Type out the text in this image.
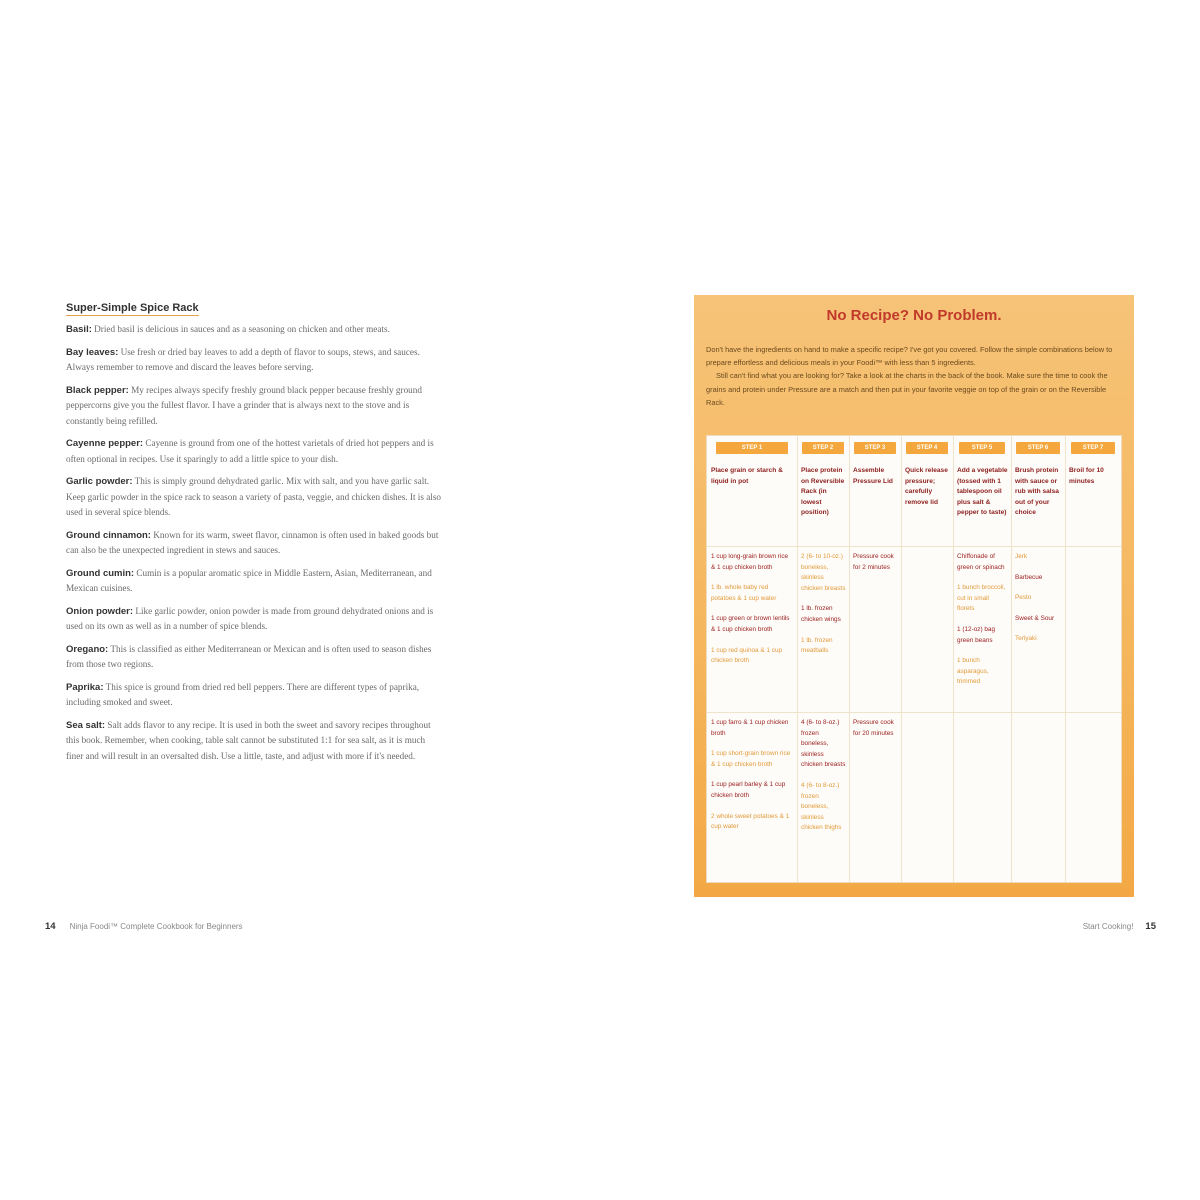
Super-Simple Spice Rack

Basil: Dried basil is delicious in sauces and as a seasoning on chicken and other meats.

Bay leaves: Use fresh or dried bay leaves to add a depth of flavor to soups, stews, and sauces. Always remember to remove and discard the leaves before serving.

Black pepper: My recipes always specify freshly ground black pepper because freshly ground peppercorns give you the fullest flavor. I have a grinder that is always next to the stove and is constantly being refilled.

Cayenne pepper: Cayenne is ground from one of the hottest varietals of dried hot peppers and is often optional in recipes. Use it sparingly to add a little spice to your dish.

Garlic powder: This is simply ground dehydrated garlic. Mix with salt, and you have garlic salt. Keep garlic powder in the spice rack to season a variety of pasta, veggie, and chicken dishes. It is also used in several spice blends.

Ground cinnamon: Known for its warm, sweet flavor, cinnamon is often used in baked goods but can also be the unexpected ingredient in stews and sauces.

Ground cumin: Cumin is a popular aromatic spice in Middle Eastern, Asian, Mediterranean, and Mexican cuisines.

Onion powder: Like garlic powder, onion powder is made from ground dehydrated onions and is used on its own as well as in a number of spice blends.

Oregano: This is classified as either Mediterranean or Mexican and is often used to season dishes from those two regions.

Paprika: This spice is ground from dried red bell peppers. There are different types of paprika, including smoked and sweet.

Sea salt: Salt adds flavor to any recipe. It is used in both the sweet and savory recipes throughout this book. Remember, when cooking, table salt cannot be substituted 1:1 for sea salt, as it is much finer and will result in an oversalted dish. Use a little, taste, and adjust with more if it's needed.

14 Ninja Foodi™ Complete Cookbook for Beginners
No Recipe? No Problem.

Don't have the ingredients on hand to make a specific recipe? I've got you covered. Follow the simple combinations below to prepare effortless and delicious meals in your Foodi™ with less than 5 ingredients.

Still can't find what you are looking for? Take a look at the charts in the back of the book. Make sure the time to cook the grains and protein under Pressure are a match and then put in your favorite veggie on top of the grain or on the Reversible Rack.

STEP 1
Place grain or starch & liquid in pot

1 cup long-grain brown rice & 1 cup chicken broth

1 lb. whole baby red potatoes & 1 cup water

1 cup green or brown lentils & 1 cup chicken broth

1 cup red quinoa & 1 cup chicken broth

1 cup farro & 1 cup chicken broth

1 cup short-grain brown rice & 1 cup chicken broth

1 cup pearl barley & 1 cup chicken broth

2 whole sweet potatoes & 1 cup water

STEP 2
Place protein on Reversible Rack (in lowest position)

2 (6- to 10-oz.) boneless, skinless chicken breasts

1 lb. frozen chicken wings

1 lb. frozen meatballs

4 (6- to 8-oz.) frozen boneless, skinless chicken breasts

4 (6- to 8-oz.) frozen boneless, skinless chicken thighs

STEP 3
Assemble Pressure Lid

Pressure cook for 2 minutes

Pressure cook for 20 minutes

STEP 4
Quick release pressure; carefully remove lid
STEP 5
Add a vegetable (tossed with 1 tablespoon oil plus salt & pepper to taste)

Chiffonade of green or spinach

1 bunch broccoli, cut in small florets

1 (12-oz) bag green beans

1 bunch asparagus, trimmed

STEP 6
Brush protein with sauce or rub with salsa out of your choice

Jerk

Barbecue

Pesto

Sweet & Sour

Teriyaki

STEP 7
Broil for 10 minutes
Start Cooking! 15
